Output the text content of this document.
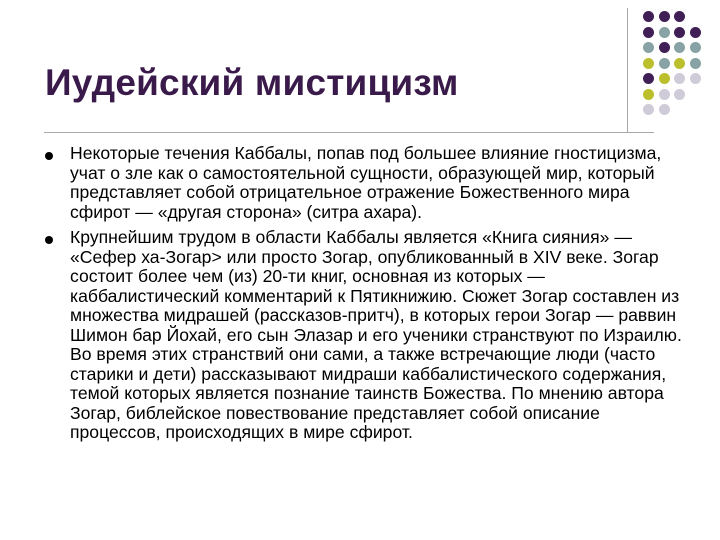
Иудейский мистицизм
Некоторые течения Каббалы, попав под большее влияние гностицизма, учат о зле как о самостоятельной сущности, образующей мир, который представляет собой отрицательное отражение Божественного мира сфирот — «другая сторона» (ситра ахара).
Крупнейшим трудом в области Каббалы является «Книга сияния» — «Сефер ха-Зогар> или просто Зогар, опубликованный в XIV веке. Зогар состоит более чем (из) 20-ти книг, основная из которых — каббалистический комментарий к Пятикнижию. Сюжет Зогар составлен из множества мидрашей (рассказов-притч), в которых герои Зогар — раввин Шимон бар Йохай, его сын Элазар и его ученики странствуют по Израилю. Во время этих странствий они сами, а также встречающие люди (часто старики и дети) рассказывают мидраши каббалистического содержания, темой которых является познание таинств Божества. По мнению автора Зогар, библейское повествование представляет собой описание процессов, происходящих в мире сфирот.
